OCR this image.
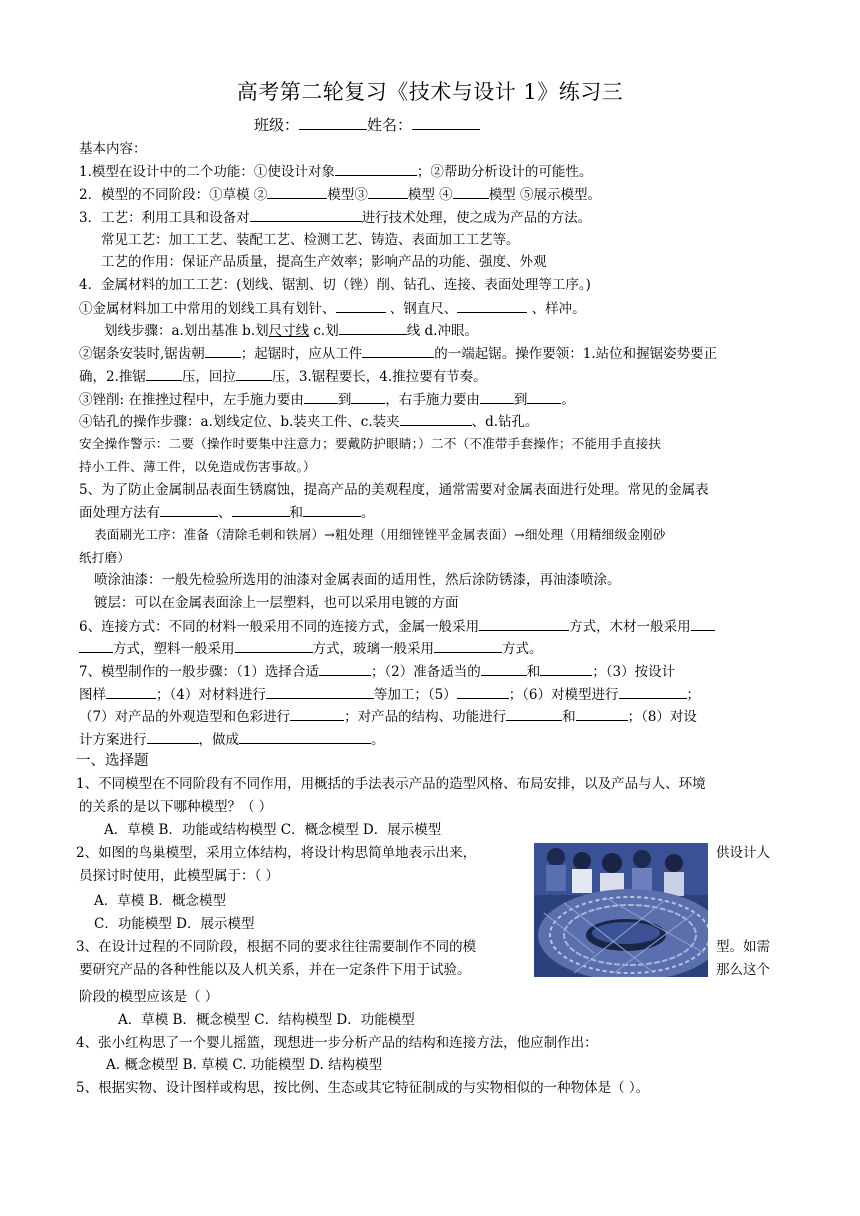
高考第二轮复习《技术与设计 1》练习三
班级：	姓名：
基本内容：
1.模型在设计中的二个功能：①使设计对象	；②帮助分析设计的可能性。
2．模型的不同阶段：①草模 ②	模型③	模型 ④	模型 ⑤展示模型。
3．工艺：利用工具和设备对	进行技术处理，使之成为产品的方法。
常见工艺：加工工艺、装配工艺、检测工艺、铸造、表面加工工艺等。
工艺的作用：保证产品质量，提高生产效率；影响产品的功能、强度、外观
4．金属材料的加工工艺：(划线、锯割、切（锉）削、钻孔、连接、表面处理等工序。)
①金属材料加工中常用的划线工具有划针、	、钢直尺、	、样冲。
划线步骤：a.划出基准 b.划尺寸线 c.划	线 d.冲眼。
②锯条安装时,锯齿朝	；起锯时，应从工件	的一端起锯。操作要领：1.站位和握锯姿势要正
确，2.推锯	压，回拉	压，3.锯程要长，4.推拉要有节奏。
③锉削: 在推挫过程中，左手施力要由	到	，右手施力要由	到	。
④钻孔的操作步骤：a.划线定位、b.装夹工件、c.装夹	、d.钻孔。
安全操作警示：二要（操作时要集中注意力；要戴防护眼睛；）二不（不准带手套操作；不能用手直接扶
持小工件、薄工件，以免造成伤害事故。）
5、为了防止金属制品表面生锈腐蚀，提高产品的美观程度，通常需要对金属表面进行处理。常见的金属表
面处理方法有	、	和	。
表面刷光工序：准备（清除毛刺和铁屑）→粗处理（用细锉锉平金属表面）→细处理（用精细级金刚砂
纸打磨）
喷涂油漆：一般先检验所选用的油漆对金属表面的适用性，然后涂防锈漆，再油漆喷涂。
镀层：可以在金属表面涂上一层塑料，也可以采用电镀的方面
6、连接方式：不同的材料一般采用不同的连接方式，金属一般采用	方式，木材一般采用
方式，塑料一般采用	方式，玻璃一般采用	方式。
7、模型制作的一般步骤：（1）选择合适	；（2）准备适当的	和	；（3）按设计
图样	；（4）对材料进行	等加工；（5）	；（6）对模型进行	；
（7）对产品的外观造型和色彩进行	；对产品的结构、功能进行	和	；（8）对设
计方案进行	，做成	。
一、选择题
1、不同模型在不同阶段有不同作用，用概括的手法表示产品的造型风格、布局安排，以及产品与人、环境
的关系的是以下哪种模型？（ ）
A．草模 B．功能或结构模型 C．概念模型 D．展示模型
2、如图的鸟巢模型，采用立体结构，将设计构思简单地表示出来，	供设计人
员探讨时使用，此模型属于：（ ）
A．草模 B．概念模型
C．功能模型 D．展示模型
3、在设计过程的不同阶段，根据不同的要求往往需要制作不同的模	型。如需
要研究产品的各种性能以及人机关系，并在一定条件下用于试验。	那么这个
阶段的模型应该是（ ）
A．草模 B．概念模型 C．结构模型 D．功能模型
4、张小红构思了一个婴儿摇篮，现想进一步分析产品的结构和连接方法，他应制作出：
A. 概念模型 B. 草模 C. 功能模型 D. 结构模型
5、根据实物、设计图样或构思，按比例、生态或其它特征制成的与实物相似的一种物体是（ ）。
